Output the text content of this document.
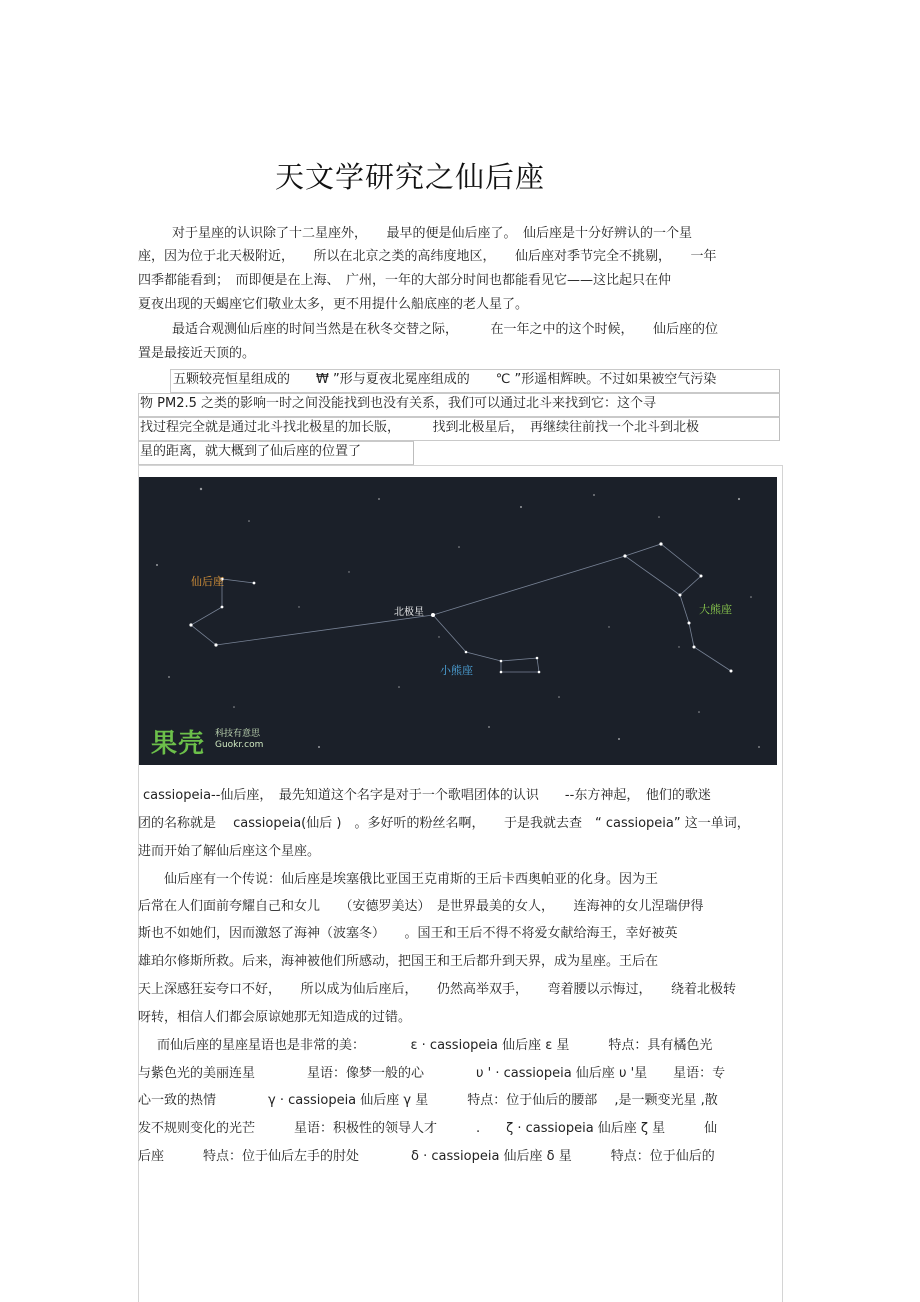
天文学研究之仙后座
对于星座的认识除了十二星座外，　　最早的便是仙后座了。　仙后座是十分好辨认的一个星
座，因为位于北天极附近，　　所以在北京之类的高纬度地区，　　仙后座对季节完全不挑剔，　　一年
四季都能看到；　而即便是在上海、　广州，一年的大部分时间也都能看见它——这比起只在仲
夏夜出现的天蝎座它们敬业太多，更不用提什么船底座的老人星了。
最适合观测仙后座的时间当然是在秋冬交替之际，　　　在一年之中的这个时候，　　仙后座的位
置是最接近天顶的。
五颗较亮恒星组成的　　₩ ”形与夏夜北冕座组成的　　℃ ”形遥相辉映。不过如果被空气污染
物 PM2.5 之类的影响一时之间没能找到也没有关系，我们可以通过北斗来找到它：这个寻
找过程完全就是通过北斗找北极星的加长版，　　　找到北极星后，　再继续往前找一个北斗到北极
星的距离，就大概到了仙后座的位置了
仙后座
北极星	大熊座
小熊座
果壳 科技有意思
Guokr.com
cassiopeia--仙后座，　最先知道这个名字是对于一个歌唱团体的认识　　--东方神起，　他们的歌迷
团的名称就是　 cassiopeia(仙后 )　。多好听的粉丝名啊，　　于是我就去查　“ cassiopeia” 这一单词，
进而开始了解仙后座这个星座。
仙后座有一个传说：仙后座是埃塞俄比亚国王克甫斯的王后卡西奥帕亚的化身。因为王
后常在人们面前夸耀自己和女儿　　（安德罗美达）　是世界最美的女人，　　连海神的女儿涅瑞伊得
斯也不如她们，因而激怒了海神（波塞冬）　　。国王和王后不得不将爱女献给海王，幸好被英
雄珀尔修斯所救。后来，海神被他们所感动，把国王和王后都升到天界，成为星座。王后在
天上深感狂妄夸口不好，　　所以成为仙后座后，　　仍然高举双手，　　弯着腰以示悔过，　　绕着北极转
呀转，相信人们都会原谅她那无知造成的过错。
而仙后座的星座星语也是非常的美：　　　　ε · cassiopeia 仙后座 ε 星　　　特点：具有橘色光
与紫色光的美丽连星　　　　星语：像梦一般的心　　　　υ ' · cassiopeia 仙后座 υ '星　　星语：专
心一致的热情　　　　γ · cassiopeia 仙后座 γ 星　　　特点：位于仙后的腰部　 ,是一颗变光星 ,散
发不规则变化的光芒　　　星语：积极性的领导人才　　　.　　ζ · cassiopeia 仙后座 ζ 星　　　仙
后座　　　特点：位于仙后左手的肘处　　　　δ · cassiopeia 仙后座 δ 星　　　特点：位于仙后的
